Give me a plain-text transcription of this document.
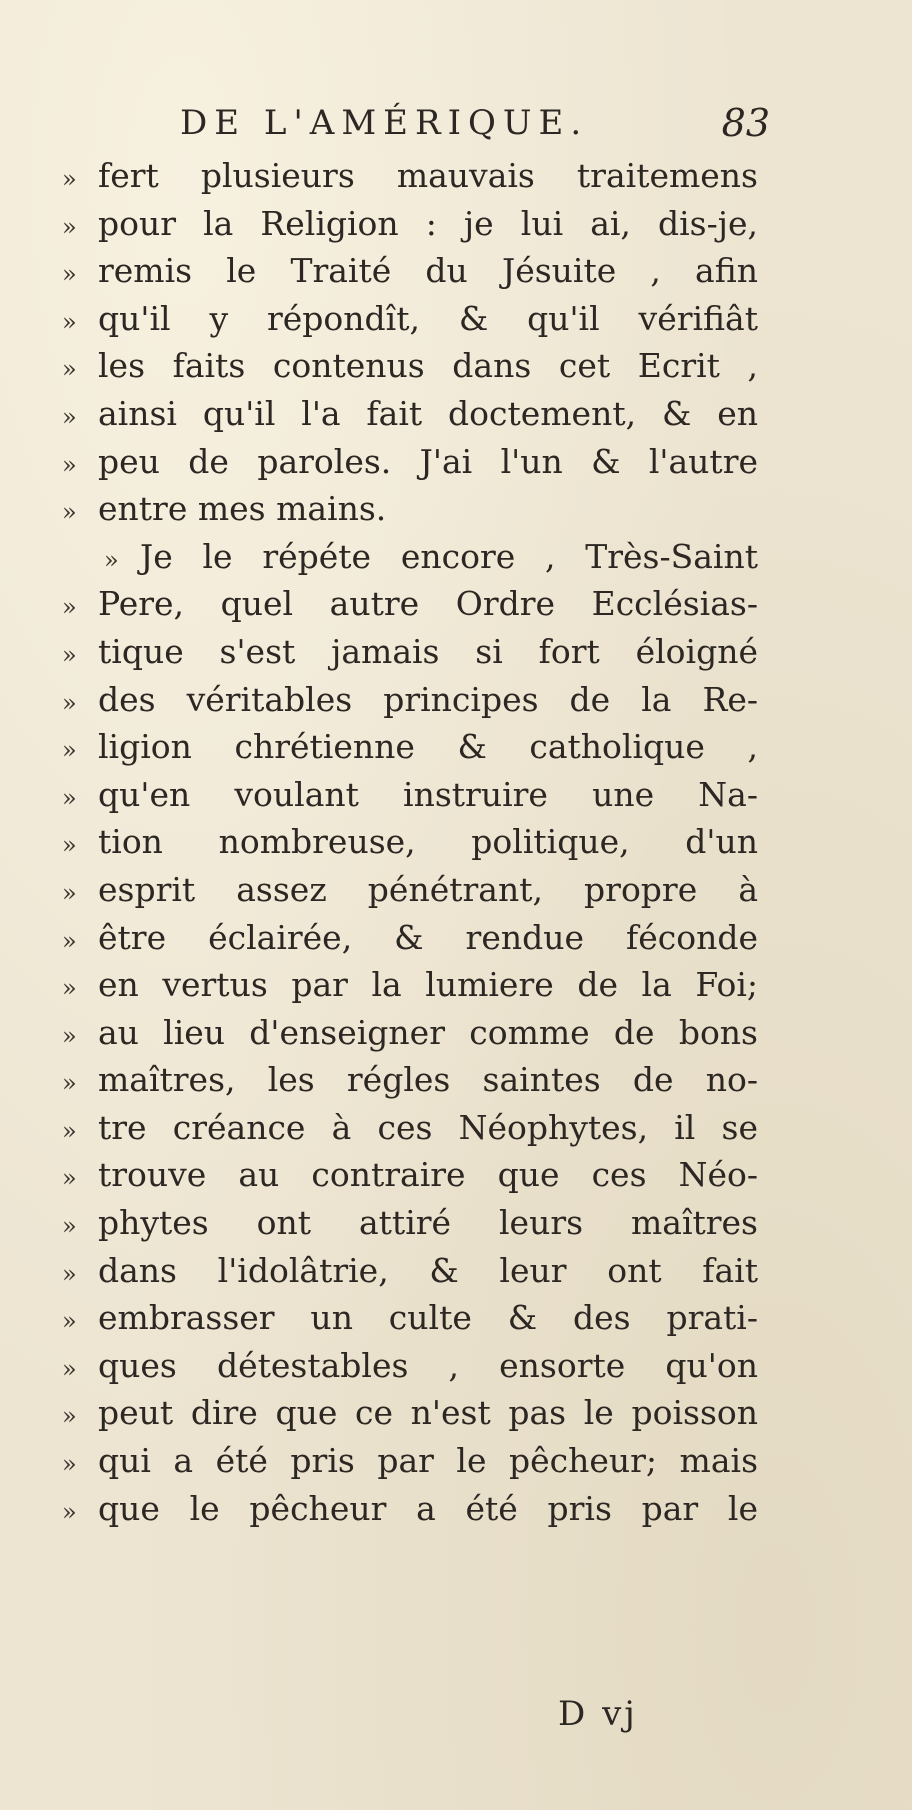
DE L'AMÉRIQUE.	83
» fert plusieurs mauvais traitemens
» pour la Religion : je lui ai, dis-je,
» remis le Traité du Jésuite , afin
» qu'il y répondît, & qu'il vérifiât
» les faits contenus dans cet Ecrit ,
» ainsi qu'il l'a fait doctement, & en
» peu de paroles. J'ai l'un & l'autre
» entre mes mains.
» Je le répéte encore , Très-Saint
» Pere, quel autre Ordre Ecclésias-
» tique s'est jamais si fort éloigné
» des véritables principes de la Re-
» ligion chrétienne & catholique ,
» qu'en voulant instruire une Na-
» tion nombreuse, politique, d'un
» esprit assez pénétrant, propre à
» être éclairée, & rendue féconde
» en vertus par la lumiere de la Foi;
» au lieu d'enseigner comme de bons
» maîtres, les régles saintes de no-
» tre créance à ces Néophytes, il se
» trouve au contraire que ces Néo-
» phytes ont attiré leurs maîtres
» dans l'idolâtrie, & leur ont fait
» embrasser un culte & des prati-
» ques détestables , ensorte qu'on
» peut dire que ce n'est pas le poisson
» qui a été pris par le pêcheur; mais
» que le pêcheur a été pris par le
D vj
